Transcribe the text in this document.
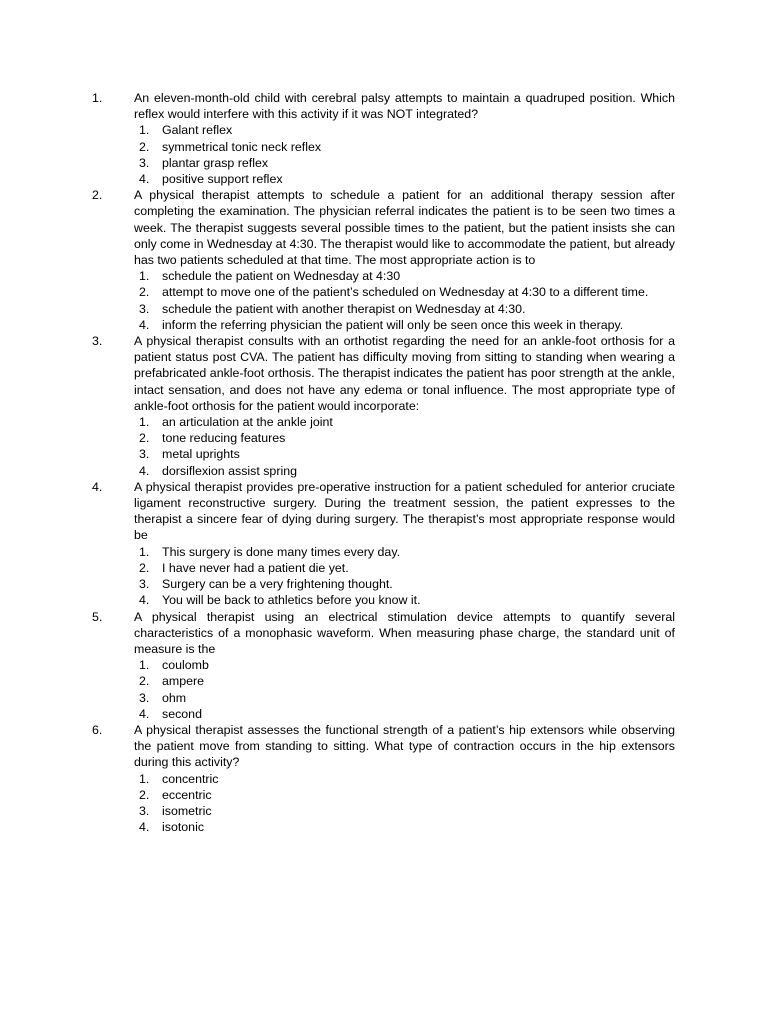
1.	An eleven-month-old child with cerebral palsy attempts to maintain a quadruped position. Which reflex would interfere with this activity if it was NOT integrated?
1. Galant reflex
2. symmetrical tonic neck reflex
3. plantar grasp reflex
4. positive support reflex
2.	A physical therapist attempts to schedule a patient for an additional therapy session after completing the examination. The physician referral indicates the patient is to be seen two times a week. The therapist suggests several possible times to the patient, but the patient insists she can only come in Wednesday at 4:30. The therapist would like to accommodate the patient, but already has two patients scheduled at that time. The most appropriate action is to
1. schedule the patient on Wednesday at 4:30
2. attempt to move one of the patient’s scheduled on Wednesday at 4:30 to a different time.
3. schedule the patient with another therapist on Wednesday at 4:30.
4. inform the referring physician the patient will only be seen once this week in therapy.
3.	A physical therapist consults with an orthotist regarding the need for an ankle-foot orthosis for a patient status post CVA. The patient has difficulty moving from sitting to standing when wearing a prefabricated ankle-foot orthosis. The therapist indicates the patient has poor strength at the ankle, intact sensation, and does not have any edema or tonal influence. The most appropriate type of ankle-foot orthosis for the patient would incorporate:
1. an articulation at the ankle joint
2. tone reducing features
3. metal uprights
4. dorsiflexion assist spring
4.	A physical therapist provides pre-operative instruction for a patient scheduled for anterior cruciate ligament reconstructive surgery. During the treatment session, the patient expresses to the therapist a sincere fear of dying during surgery. The therapist’s most appropriate response would be
1. This surgery is done many times every day.
2. I have never had a patient die yet.
3. Surgery can be a very frightening thought.
4. You will be back to athletics before you know it.
5.	A physical therapist using an electrical stimulation device attempts to quantify several characteristics of a monophasic waveform. When measuring phase charge, the standard unit of measure is the
1. coulomb
2. ampere
3. ohm
4. second
6.	A physical therapist assesses the functional strength of a patient’s hip extensors while observing the patient move from standing to sitting. What type of contraction occurs in the hip extensors during this activity?
1. concentric
2. eccentric
3. isometric
4. isotonic
